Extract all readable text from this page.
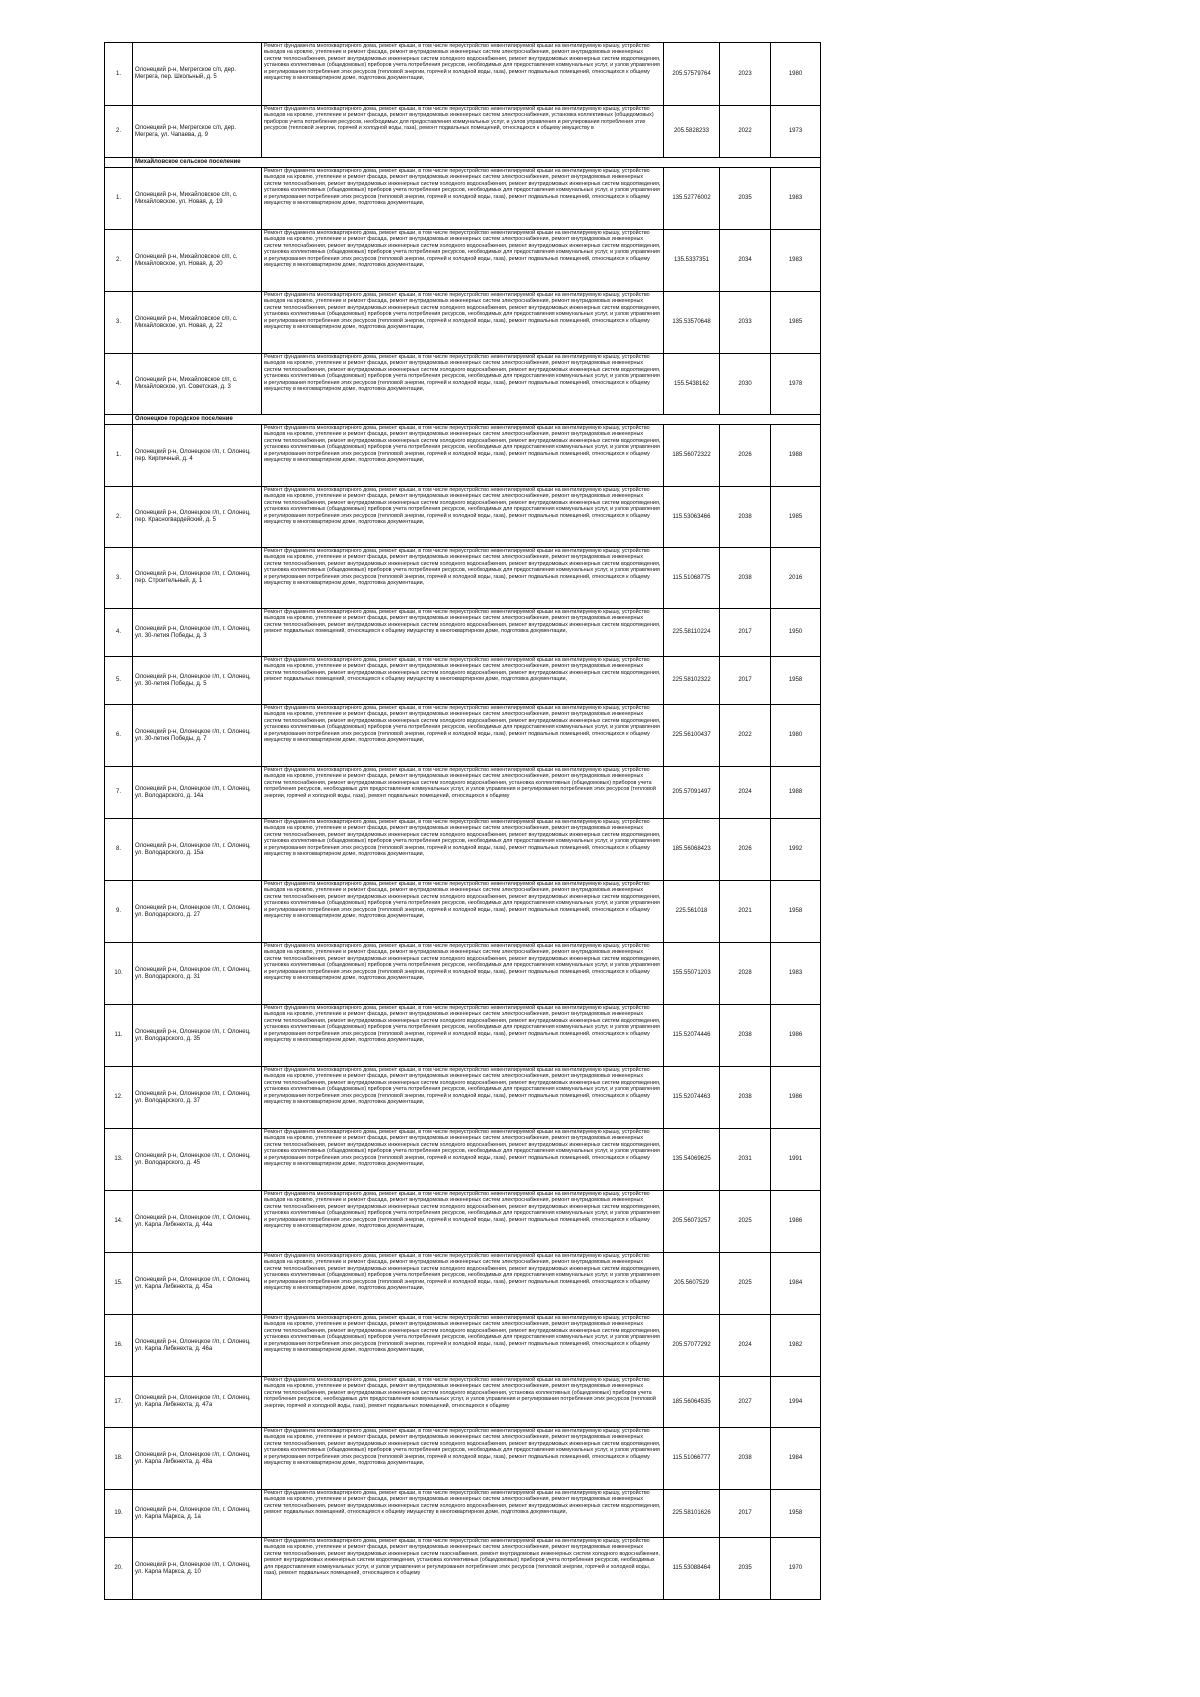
1.	Олонецкий р-н, Мегрегское с/п, дер. Мегрега, пер. Школьный, д. 5	Ремонт фундамента многоквартирного дома, ремонт крыши, в том числе переустройство невентилируемой крыши на вентилируемую крышу, устройство выходов на кровлю, утепление и ремонт фасада, ремонт внутридомовых инженерных систем электроснабжения, ремонт внутридомовых инженерных систем теплоснабжения, ремонт внутридомовых инженерных систем холодного водоснабжения, ремонт внутридомовых инженерных систем водоотведения, установка коллективных (общедомовых) приборов учета потребления ресурсов, необходимых для предоставления коммунальных услуг, и узлов управления и регулирования потребления этих ресурсов (тепловой энергии, горячей и холодной воды, газа), ремонт подвальных помещений, относящихся к общему имуществу в многоквартирном доме, подготовка документации,	205.57579764	2023	1980
2.	Олонецкий р-н, Мегрегское с/п, дер. Мегрега, ул. Чапаева, д. 9	Ремонт фундамента многоквартирного дома, ремонт крыши, в том числе переустройство невентилируемой крыши на вентилируемую крышу, устройство выходов на кровлю, утепление и ремонт фасада, ремонт внутридомовых инженерных систем электроснабжения, установка коллективных (общедомовых) приборов учета потребления ресурсов, необходимых для предоставления коммунальных услуг, и узлов управления и регулирования потребления этих ресурсов (тепловой энергии, горячей и холодной воды, газа), ремонт подвальных помещений, относящихся к общему имуществу в	205.5828233	2022	1973
	Михайловское сельское поселение				
1.	Олонецкий р-н, Михайловское с/п, с. Михайловское, ул. Новая, д. 19	Ремонт фундамента многоквартирного дома, ремонт крыши, в том числе переустройство невентилируемой крыши на вентилируемую крышу, устройство выходов на кровлю, утепление и ремонт фасада, ремонт внутридомовых инженерных систем электроснабжения, ремонт внутридомовых инженерных систем теплоснабжения, ремонт внутридомовых инженерных систем холодного водоснабжения, ремонт внутридомовых инженерных систем водоотведения, установка коллективных (общедомовых) приборов учета потребления ресурсов, необходимых для предоставления коммунальных услуг, и узлов управления и регулирования потребления этих ресурсов (тепловой энергии, горячей и холодной воды, газа), ремонт подвальных помещений, относящихся к общему имуществу в многоквартирном доме, подготовка документации,	135.52776002	2035	1983
2.	Олонецкий р-н, Михайловское с/п, с. Михайловское, ул. Новая, д. 20	Ремонт фундамента многоквартирного дома, ремонт крыши, в том числе переустройство невентилируемой крыши на вентилируемую крышу, устройство выходов на кровлю, утепление и ремонт фасада, ремонт внутридомовых инженерных систем электроснабжения, ремонт внутридомовых инженерных систем теплоснабжения, ремонт внутридомовых инженерных систем холодного водоснабжения, ремонт внутридомовых инженерных систем водоотведения, установка коллективных (общедомовых) приборов учета потребления ресурсов, необходимых для предоставления коммунальных услуг, и узлов управления и регулирования потребления этих ресурсов (тепловой энергии, горячей и холодной воды, газа), ремонт подвальных помещений, относящихся к общему имуществу в многоквартирном доме, подготовка документации,	135.5337351	2034	1983
3.	Олонецкий р-н, Михайловское с/п, с. Михайловское, ул. Новая, д. 22	Ремонт фундамента многоквартирного дома, ремонт крыши, в том числе переустройство невентилируемой крыши на вентилируемую крышу, устройство выходов на кровлю, утепление и ремонт фасада, ремонт внутридомовых инженерных систем электроснабжения, ремонт внутридомовых инженерных систем теплоснабжения, ремонт внутридомовых инженерных систем холодного водоснабжения, ремонт внутридомовых инженерных систем водоотведения, установка коллективных (общедомовых) приборов учета потребления ресурсов, необходимых для предоставления коммунальных услуг, и узлов управления и регулирования потребления этих ресурсов (тепловой энергии, горячей и холодной воды, газа), ремонт подвальных помещений, относящихся к общему имуществу в многоквартирном доме, подготовка документации,	135.53570648	2033	1985
4.	Олонецкий р-н, Михайловское с/п, с. Михайловское, ул. Советская, д. 3	Ремонт фундамента многоквартирного дома, ремонт крыши, в том числе переустройство невентилируемой крыши на вентилируемую крышу, устройство выходов на кровлю, утепление и ремонт фасада, ремонт внутридомовых инженерных систем электроснабжения, ремонт внутридомовых инженерных систем теплоснабжения, ремонт внутридомовых инженерных систем холодного водоснабжения, ремонт внутридомовых инженерных систем водоотведения, установка коллективных (общедомовых) приборов учета потребления ресурсов, необходимых для предоставления коммунальных услуг, и узлов управления и регулирования потребления этих ресурсов (тепловой энергии, горячей и холодной воды, газа), ремонт подвальных помещений, относящихся к общему имуществу в многоквартирном доме, подготовка документации,	155.5438162	2030	1978
	Олонецкое городское поселение				
1.	Олонецкий р-н, Олонецкое г/п, г. Олонец, пер. Кирпичный, д. 4	Ремонт фундамента многоквартирного дома, ремонт крыши, в том числе переустройство невентилируемой крыши на вентилируемую крышу, устройство выходов на кровлю, утепление и ремонт фасада, ремонт внутридомовых инженерных систем электроснабжения, ремонт внутридомовых инженерных систем теплоснабжения, ремонт внутридомовых инженерных систем холодного водоснабжения, ремонт внутридомовых инженерных систем водоотведения, установка коллективных (общедомовых) приборов учета потребления ресурсов, необходимых для предоставления коммунальных услуг, и узлов управления и регулирования потребления этих ресурсов (тепловой энергии, горячей и холодной воды, газа), ремонт подвальных помещений, относящихся к общему имуществу в многоквартирном доме, подготовка документации,	185.56072322	2026	1988
2.	Олонецкий р-н, Олонецкое г/п, г. Олонец, пер. Красногвардейский, д. 5	Ремонт фундамента многоквартирного дома, ремонт крыши, в том числе переустройство невентилируемой крыши на вентилируемую крышу, устройство выходов на кровлю, утепление и ремонт фасада, ремонт внутридомовых инженерных систем электроснабжения, ремонт внутридомовых инженерных систем теплоснабжения, ремонт внутридомовых инженерных систем холодного водоснабжения, ремонт внутридомовых инженерных систем водоотведения, установка коллективных (общедомовых) приборов учета потребления ресурсов, необходимых для предоставления коммунальных услуг, и узлов управления и регулирования потребления этих ресурсов (тепловой энергии, горячей и холодной воды, газа), ремонт подвальных помещений, относящихся к общему имуществу в многоквартирном доме, подготовка документации,	115.53063466	2038	1985
3.	Олонецкий р-н, Олонецкое г/п, г. Олонец, пер. Строительный, д. 1	Ремонт фундамента многоквартирного дома, ремонт крыши, в том числе переустройство невентилируемой крыши на вентилируемую крышу, устройство выходов на кровлю, утепление и ремонт фасада, ремонт внутридомовых инженерных систем электроснабжения, ремонт внутридомовых инженерных систем теплоснабжения, ремонт внутридомовых инженерных систем холодного водоснабжения, ремонт внутридомовых инженерных систем водоотведения, установка коллективных (общедомовых) приборов учета потребления ресурсов, необходимых для предоставления коммунальных услуг, и узлов управления и регулирования потребления этих ресурсов (тепловой энергии, горячей и холодной воды, газа), ремонт подвальных помещений, относящихся к общему имуществу в многоквартирном доме, подготовка документации,	115.51068775	2038	2016
4.	Олонецкий р-н, Олонецкое г/п, г. Олонец, ул. 30-летия Победы, д. 3	Ремонт фундамента многоквартирного дома, ремонт крыши, в том числе переустройство невентилируемой крыши на вентилируемую крышу, устройство выходов на кровлю, утепление и ремонт фасада, ремонт внутридомовых инженерных систем электроснабжения, ремонт внутридомовых инженерных систем теплоснабжения, ремонт внутридомовых инженерных систем холодного водоснабжения, ремонт внутридомовых инженерных систем водоотведения, ремонт подвальных помещений, относящихся к общему имуществу в многоквартирном доме, подготовка документации,	225.58110224	2017	1950
5.	Олонецкий р-н, Олонецкое г/п, г. Олонец, ул. 30-летия Победы, д. 5	Ремонт фундамента многоквартирного дома, ремонт крыши, в том числе переустройство невентилируемой крыши на вентилируемую крышу, устройство выходов на кровлю, утепление и ремонт фасада, ремонт внутридомовых инженерных систем электроснабжения, ремонт внутридомовых инженерных систем теплоснабжения, ремонт внутридомовых инженерных систем холодного водоснабжения, ремонт внутридомовых инженерных систем водоотведения, ремонт подвальных помещений, относящихся к общему имуществу в многоквартирном доме, подготовка документации,	225.58102322	2017	1958
6.	Олонецкий р-н, Олонецкое г/п, г. Олонец, ул. 30-летия Победы, д. 7	Ремонт фундамента многоквартирного дома, ремонт крыши, в том числе переустройство невентилируемой крыши на вентилируемую крышу, устройство выходов на кровлю, утепление и ремонт фасада, ремонт внутридомовых инженерных систем электроснабжения, ремонт внутридомовых инженерных систем теплоснабжения, ремонт внутридомовых инженерных систем холодного водоснабжения, ремонт внутридомовых инженерных систем водоотведения, установка коллективных (общедомовых) приборов учета потребления ресурсов, необходимых для предоставления коммунальных услуг, и узлов управления и регулирования потребления этих ресурсов (тепловой энергии, горячей и холодной воды, газа), ремонт подвальных помещений, относящихся к общему имуществу в многоквартирном доме, подготовка документации,	225.56100437	2022	1980
7.	Олонецкий р-н, Олонецкое г/п, г. Олонец, ул. Володарского, д. 14а	Ремонт фундамента многоквартирного дома, ремонт крыши, в том числе переустройство невентилируемой крыши на вентилируемую крышу, устройство выходов на кровлю, утепление и ремонт фасада, ремонт внутридомовых инженерных систем электроснабжения, ремонт внутридомовых инженерных систем теплоснабжения, ремонт внутридомовых инженерных систем холодного водоснабжения, установка коллективных (общедомовых) приборов учета потребления ресурсов, необходимых для предоставления коммунальных услуг, и узлов управления и регулирования потребления этих ресурсов (тепловой энергии, горячей и холодной воды, газа), ремонт подвальных помещений, относящихся к общему	205.57091497	2024	1988
8.	Олонецкий р-н, Олонецкое г/п, г. Олонец, ул. Володарского, д. 15а	Ремонт фундамента многоквартирного дома, ремонт крыши, в том числе переустройство невентилируемой крыши на вентилируемую крышу, устройство выходов на кровлю, утепление и ремонт фасада, ремонт внутридомовых инженерных систем электроснабжения, ремонт внутридомовых инженерных систем теплоснабжения, ремонт внутридомовых инженерных систем холодного водоснабжения, ремонт внутридомовых инженерных систем водоотведения, установка коллективных (общедомовых) приборов учета потребления ресурсов, необходимых для предоставления коммунальных услуг, и узлов управления и регулирования потребления этих ресурсов (тепловой энергии, горячей и холодной воды, газа), ремонт подвальных помещений, относящихся к общему имуществу в многоквартирном доме, подготовка документации,	185.56068423	2026	1992
9.	Олонецкий р-н, Олонецкое г/п, г. Олонец, ул. Володарского, д. 27	Ремонт фундамента многоквартирного дома, ремонт крыши, в том числе переустройство невентилируемой крыши на вентилируемую крышу, устройство выходов на кровлю, утепление и ремонт фасада, ремонт внутридомовых инженерных систем электроснабжения, ремонт внутридомовых инженерных систем теплоснабжения, ремонт внутридомовых инженерных систем холодного водоснабжения, ремонт внутридомовых инженерных систем водоотведения, установка коллективных (общедомовых) приборов учета потребления ресурсов, необходимых для предоставления коммунальных услуг, и узлов управления и регулирования потребления этих ресурсов (тепловой энергии, горячей и холодной воды, газа), ремонт подвальных помещений, относящихся к общему имуществу в многоквартирном доме, подготовка документации,	225.561018	2021	1958
10.	Олонецкий р-н, Олонецкое г/п, г. Олонец, ул. Володарского, д. 31	Ремонт фундамента многоквартирного дома, ремонт крыши, в том числе переустройство невентилируемой крыши на вентилируемую крышу, устройство выходов на кровлю, утепление и ремонт фасада, ремонт внутридомовых инженерных систем электроснабжения, ремонт внутридомовых инженерных систем теплоснабжения, ремонт внутридомовых инженерных систем холодного водоснабжения, ремонт внутридомовых инженерных систем водоотведения, установка коллективных (общедомовых) приборов учета потребления ресурсов, необходимых для предоставления коммунальных услуг, и узлов управления и регулирования потребления этих ресурсов (тепловой энергии, горячей и холодной воды, газа), ремонт подвальных помещений, относящихся к общему имуществу в многоквартирном доме, подготовка документации,	155.55071203	2028	1983
11.	Олонецкий р-н, Олонецкое г/п, г. Олонец, ул. Володарского, д. 35	Ремонт фундамента многоквартирного дома, ремонт крыши, в том числе переустройство невентилируемой крыши на вентилируемую крышу, устройство выходов на кровлю, утепление и ремонт фасада, ремонт внутридомовых инженерных систем электроснабжения, ремонт внутридомовых инженерных систем теплоснабжения, ремонт внутридомовых инженерных систем холодного водоснабжения, ремонт внутридомовых инженерных систем водоотведения, установка коллективных (общедомовых) приборов учета потребления ресурсов, необходимых для предоставления коммунальных услуг, и узлов управления и регулирования потребления этих ресурсов (тепловой энергии, горячей и холодной воды, газа), ремонт подвальных помещений, относящихся к общему имуществу в многоквартирном доме, подготовка документации,	115.52074446	2038	1986
12.	Олонецкий р-н, Олонецкое г/п, г. Олонец, ул. Володарского, д. 37	Ремонт фундамента многоквартирного дома, ремонт крыши, в том числе переустройство невентилируемой крыши на вентилируемую крышу, устройство выходов на кровлю, утепление и ремонт фасада, ремонт внутридомовых инженерных систем электроснабжения, ремонт внутридомовых инженерных систем теплоснабжения, ремонт внутридомовых инженерных систем холодного водоснабжения, ремонт внутридомовых инженерных систем водоотведения, установка коллективных (общедомовых) приборов учета потребления ресурсов, необходимых для предоставления коммунальных услуг, и узлов управления и регулирования потребления этих ресурсов (тепловой энергии, горячей и холодной воды, газа), ремонт подвальных помещений, относящихся к общему имуществу в многоквартирном доме, подготовка документации,	115.52074463	2038	1986
13.	Олонецкий р-н, Олонецкое г/п, г. Олонец, ул. Володарского, д. 45	Ремонт фундамента многоквартирного дома, ремонт крыши, в том числе переустройство невентилируемой крыши на вентилируемую крышу, устройство выходов на кровлю, утепление и ремонт фасада, ремонт внутридомовых инженерных систем электроснабжения, ремонт внутридомовых инженерных систем теплоснабжения, ремонт внутридомовых инженерных систем холодного водоснабжения, ремонт внутридомовых инженерных систем водоотведения, установка коллективных (общедомовых) приборов учета потребления ресурсов, необходимых для предоставления коммунальных услуг, и узлов управления и регулирования потребления этих ресурсов (тепловой энергии, горячей и холодной воды, газа), ремонт подвальных помещений, относящихся к общему имуществу в многоквартирном доме, подготовка документации,	135.54069625	2031	1991
14.	Олонецкий р-н, Олонецкое г/п, г. Олонец, ул. Карла Либкнехта, д. 44а	Ремонт фундамента многоквартирного дома, ремонт крыши, в том числе переустройство невентилируемой крыши на вентилируемую крышу, устройство выходов на кровлю, утепление и ремонт фасада, ремонт внутридомовых инженерных систем электроснабжения, ремонт внутридомовых инженерных систем теплоснабжения, ремонт внутридомовых инженерных систем холодного водоснабжения, ремонт внутридомовых инженерных систем водоотведения, установка коллективных (общедомовых) приборов учета потребления ресурсов, необходимых для предоставления коммунальных услуг, и узлов управления и регулирования потребления этих ресурсов (тепловой энергии, горячей и холодной воды, газа), ремонт подвальных помещений, относящихся к общему имуществу в многоквартирном доме, подготовка документации,	205.56073257	2025	1986
15.	Олонецкий р-н, Олонецкое г/п, г. Олонец, ул. Карла Либкнехта, д. 45а	Ремонт фундамента многоквартирного дома, ремонт крыши, в том числе переустройство невентилируемой крыши на вентилируемую крышу, устройство выходов на кровлю, утепление и ремонт фасада, ремонт внутридомовых инженерных систем электроснабжения, ремонт внутридомовых инженерных систем теплоснабжения, ремонт внутридомовых инженерных систем холодного водоснабжения, ремонт внутридомовых инженерных систем водоотведения, установка коллективных (общедомовых) приборов учета потребления ресурсов, необходимых для предоставления коммунальных услуг, и узлов управления и регулирования потребления этих ресурсов (тепловой энергии, горячей и холодной воды, газа), ремонт подвальных помещений, относящихся к общему имуществу в многоквартирном доме, подготовка документации,	205.5607529	2025	1984
16.	Олонецкий р-н, Олонецкое г/п, г. Олонец, ул. Карла Либкнехта, д. 46а	Ремонт фундамента многоквартирного дома, ремонт крыши, в том числе переустройство невентилируемой крыши на вентилируемую крышу, устройство выходов на кровлю, утепление и ремонт фасада, ремонт внутридомовых инженерных систем электроснабжения, ремонт внутридомовых инженерных систем теплоснабжения, ремонт внутридомовых инженерных систем холодного водоснабжения, ремонт внутридомовых инженерных систем водоотведения, установка коллективных (общедомовых) приборов учета потребления ресурсов, необходимых для предоставления коммунальных услуг, и узлов управления и регулирования потребления этих ресурсов (тепловой энергии, горячей и холодной воды, газа), ремонт подвальных помещений, относящихся к общему имуществу в многоквартирном доме, подготовка документации,	205.57077292	2024	1982
17.	Олонецкий р-н, Олонецкое г/п, г. Олонец, ул. Карла Либкнехта, д. 47а	Ремонт фундамента многоквартирного дома, ремонт крыши, в том числе переустройство невентилируемой крыши на вентилируемую крышу, устройство выходов на кровлю, утепление и ремонт фасада, ремонт внутридомовых инженерных систем электроснабжения, ремонт внутридомовых инженерных систем теплоснабжения, ремонт внутридомовых инженерных систем холодного водоснабжения, установка коллективных (общедомовых) приборов учета потребления ресурсов, необходимых для предоставления коммунальных услуг, и узлов управления и регулирования потребления этих ресурсов (тепловой энергии, горячей и холодной воды, газа), ремонт подвальных помещений, относящихся к общему	185.56064535	2027	1994
18.	Олонецкий р-н, Олонецкое г/п, г. Олонец, ул. Карла Либкнехта, д. 48а	Ремонт фундамента многоквартирного дома, ремонт крыши, в том числе переустройство невентилируемой крыши на вентилируемую крышу, устройство выходов на кровлю, утепление и ремонт фасада, ремонт внутридомовых инженерных систем электроснабжения, ремонт внутридомовых инженерных систем теплоснабжения, ремонт внутридомовых инженерных систем холодного водоснабжения, ремонт внутридомовых инженерных систем водоотведения, установка коллективных (общедомовых) приборов учета потребления ресурсов, необходимых для предоставления коммунальных услуг, и узлов управления и регулирования потребления этих ресурсов (тепловой энергии, горячей и холодной воды, газа), ремонт подвальных помещений, относящихся к общему имуществу в многоквартирном доме, подготовка документации,	115.51066777	2038	1984
19.	Олонецкий р-н, Олонецкое г/п, г. Олонец, ул. Карла Маркса, д. 1а	Ремонт фундамента многоквартирного дома, ремонт крыши, в том числе переустройство невентилируемой крыши на вентилируемую крышу, устройство выходов на кровлю, утепление и ремонт фасада, ремонт внутридомовых инженерных систем электроснабжения, ремонт внутридомовых инженерных систем теплоснабжения, ремонт внутридомовых инженерных систем холодного водоснабжения, ремонт внутридомовых инженерных систем водоотведения, ремонт подвальных помещений, относящихся к общему имуществу в многоквартирном доме, подготовка документации,	225.58101626	2017	1958
20.	Олонецкий р-н, Олонецкое г/п, г. Олонец, ул. Карла Маркса, д. 10	Ремонт фундамента многоквартирного дома, ремонт крыши, в том числе переустройство невентилируемой крыши на вентилируемую крышу, устройство выходов на кровлю, утепление и ремонт фасада, ремонт внутридомовых инженерных систем электроснабжения, ремонт внутридомовых инженерных систем теплоснабжения, ремонт внутридомовых инженерных систем газоснабжения, ремонт внутридомовых инженерных систем холодного водоснабжения, ремонт внутридомовых инженерных систем водоотведения, установка коллективных (общедомовых) приборов учета потребления ресурсов, необходимых для предоставления коммунальных услуг, и узлов управления и регулирования потребления этих ресурсов (тепловой энергии, горячей и холодной воды, газа), ремонт подвальных помещений, относящихся к общему	115.53088464	2035	1970
